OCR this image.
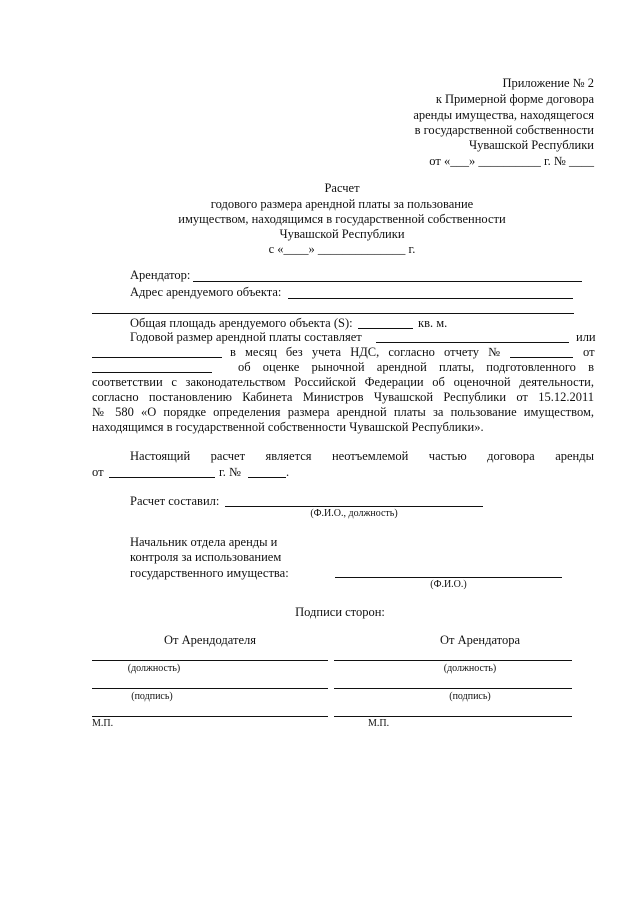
Приложение № 2
к Примерной форме договора
аренды имущества, находящегося
в государственной собственности
Чувашской Республики
от «___» __________ г. № ____
Расчет
годового размера арендной платы за пользование
имуществом, находящимся в государственной собственности
Чувашской Республики
с «____» ______________ г.
Арендатор:
Адрес арендуемого объекта:
Общая площадь арендуемого объекта (S):	кв. м.
Годовой размер арендной платы составляет	или
в месяц без учета НДС, согласно отчету №	от
об оценке рыночной арендной платы, подготовленного в
соответствии с законодательством Российской Федерации об оценочной деятельности,
согласно постановлению Кабинета Министров Чувашской Республики от 15.12.2011
№ 580 «О порядке определения размера арендной платы за пользование имуществом,
находящимся в государственной собственности Чувашской Республики».
Настоящий расчет является неотъемлемой частью договора аренды
от	г. №	.
Расчет составил:
(Ф.И.О., должность)
Начальник отдела аренды и
контроля за использованием
государственного имущества:
(Ф.И.О.)
Подписи сторон:
От Арендодателя	От Арендатора
(должность)	(должность)
(подпись)	(подпись)
М.П.	М.П.
